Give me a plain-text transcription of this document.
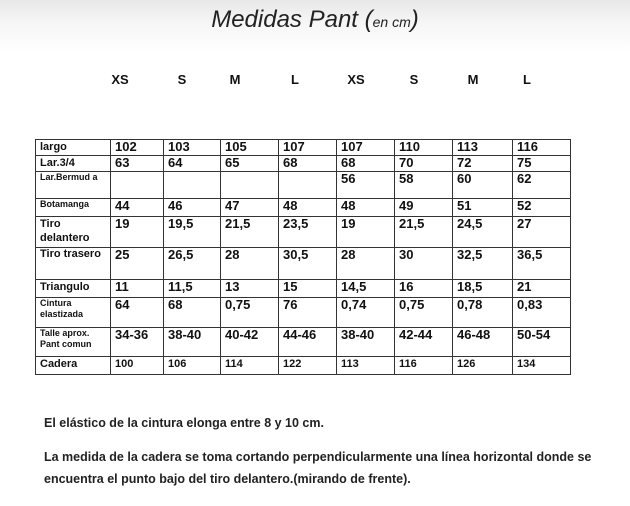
Medidas Pant (en cm)
XS	S	M	L	XS	S	M	L
largo	102	103	105	107	107	110	113	116
Lar.3/4	63	64	65	68	68	70	72	75
Lar.Bermud a					56	58	60	62
Botamanga	44	46	47	48	48	49	51	52
Tiro delantero	19	19,5	21,5	23,5	19	21,5	24,5	27
Tiro trasero	25	26,5	28	30,5	28	30	32,5	36,5
Triangulo	11	11,5	13	15	14,5	16	18,5	21
Cintura elastizada	64	68	0,75	76	0,74	0,75	0,78	0,83
Talle aprox. Pant comun	34-36	38-40	40-42	44-46	38-40	42-44	46-48	50-54
Cadera	100	106	114	122	113	116	126	134
El elástico de la cintura elonga entre 8 y 10 cm.
La medida de la cadera se toma cortando perpendicularmente una línea horizontal donde se encuentra el punto bajo del tiro delantero.(mirando de frente).
